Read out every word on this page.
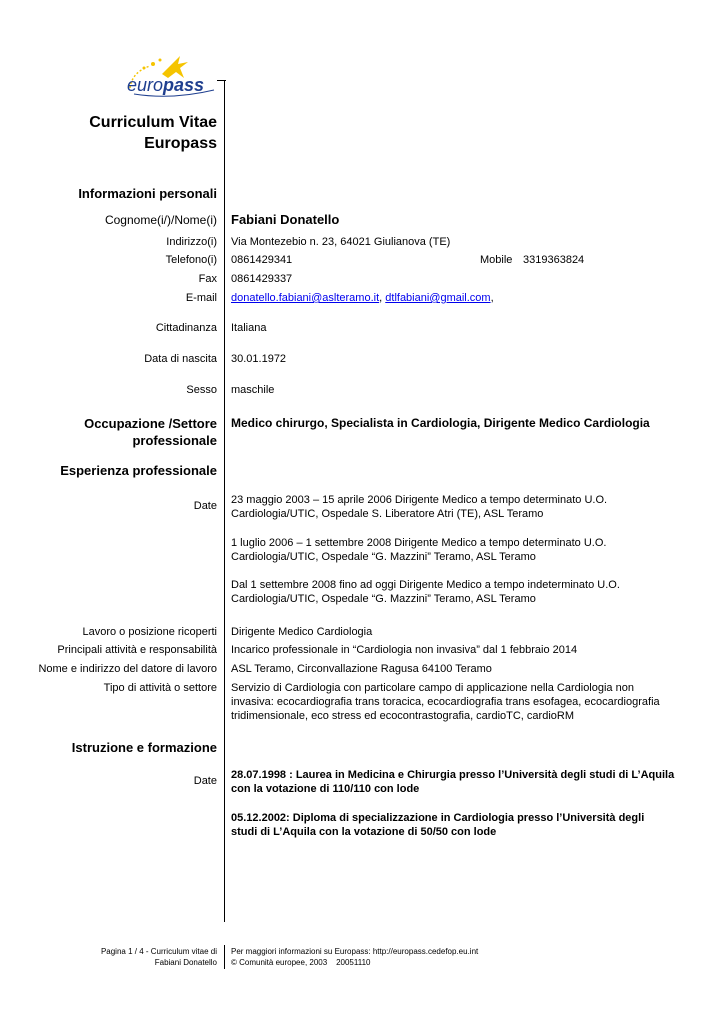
europass
Curriculum Vitae
Europass
Informazioni personali
Cognome(i/)/Nome(i) Fabiani Donatello
Indirizzo(i) Via Montezebio n. 23, 64021 Giulianova (TE)
Telefono(i) 0861429341	Mobile 3319363824
Fax 0861429337
E-mail donatello.fabiani@aslteramo.it, dtlfabiani@gmail.com,
Cittadinanza Italiana
Data di nascita 30.01.1972
Sesso maschile
Occupazione /Settore
professionale
Medico chirurgo, Specialista in Cardiologia, Dirigente Medico Cardiologia
Esperienza professionale
Date 23 maggio 2003 – 15 aprile 2006 Dirigente Medico a tempo determinato U.O. Cardiologia/UTIC, Ospedale S. Liberatore Atri (TE), ASL Teramo
1 luglio 2006 – 1 settembre 2008 Dirigente Medico a tempo determinato U.O. Cardiologia/UTIC, Ospedale “G. Mazzini” Teramo, ASL Teramo
Dal 1 settembre 2008 fino ad oggi Dirigente Medico a tempo indeterminato U.O. Cardiologia/UTIC, Ospedale “G. Mazzini” Teramo, ASL Teramo
Lavoro o posizione ricoperti Dirigente Medico Cardiologia
Principali attività e responsabilità Incarico professionale in “Cardiologia non invasiva” dal 1 febbraio 2014
Nome e indirizzo del datore di lavoro ASL Teramo, Circonvallazione Ragusa 64100 Teramo
Tipo di attività o settore Servizio di Cardiologia con particolare campo di applicazione nella Cardiologia non invasiva: ecocardiografia trans toracica, ecocardiografia trans esofagea, ecocardiografia tridimensionale, eco stress ed ecocontrastografia, cardioTC, cardioRM
Istruzione e formazione
Date 28.07.1998 : Laurea in Medicina e Chirurgia presso l’Università degli studi di L’Aquila con la votazione di 110/110 con lode
05.12.2002: Diploma di specializzazione in Cardiologia presso l’Università degli studi di L’Aquila con la votazione di 50/50 con lode
Pagina 1 / 4 - Curriculum vitae di
Fabiani Donatello
Per maggiori informazioni su Europass: http://europass.cedefop.eu.int
© Comunità europee, 2003    20051110
